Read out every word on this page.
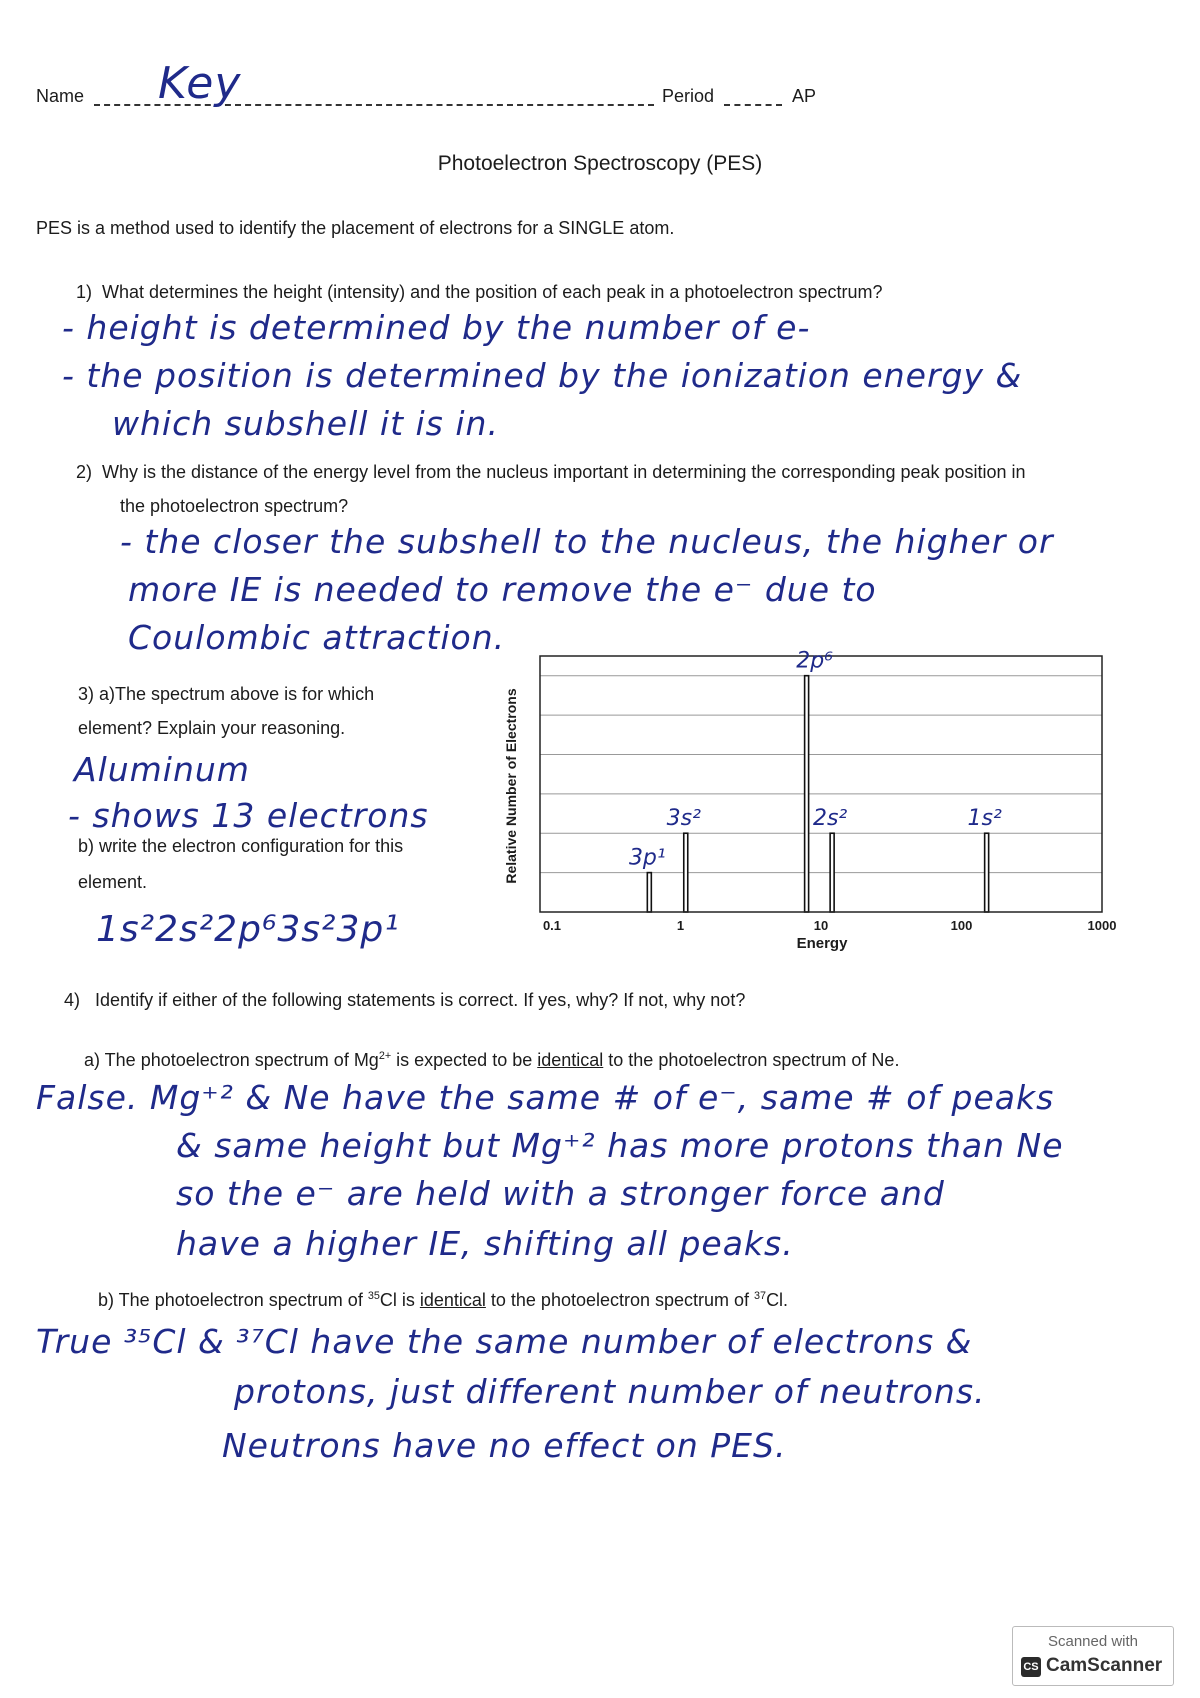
Name Key	Period	AP
Photoelectron Spectroscopy (PES)
PES is a method used to identify the placement of electrons for a SINGLE atom.
1) What determines the height (intensity) and the position of each peak in a photoelectron spectrum?
- height is determined by the number of e-
- the position is determined by the ionization energy &
which subshell it is in.
2) Why is the distance of the energy level from the nucleus important in determining the corresponding peak position in
the photoelectron spectrum?
- the closer the subshell to the nucleus, the higher or
more IE is needed to remove the e⁻ due to
Coulombic attraction.
3) a)The spectrum above is for which
element? Explain your reasoning.
Aluminum
- shows 13 electrons
b) write the electron configuration for this
element.
1s²2s²2p⁶3s²3p¹	0.1	1	10	100	1000
3p¹
3s²
2p⁶
2s²	1s²
Energy
Relative Number of Electrons
4) Identify if either of the following statements is correct. If yes, why? If not, why not?
a) The photoelectron spectrum of $Mg^{2+}$ is expected to be identical to the photoelectron spectrum of Ne.
False. Mg⁺² & Ne have the same # of e⁻, same # of peaks
& same height but Mg⁺² has more protons than Ne
so the e⁻ are held with a stronger force and
have a higher IE, shifting all peaks.
b) The photoelectron spectrum of $^{35}$Cl is identical to the photoelectron spectrum of $^{37}$Cl.
True ³⁵Cl & ³⁷Cl have the same number of electrons &
protons, just different number of neutrons.
Neutrons have no effect on PES.
Scanned with
CS CamScanner
